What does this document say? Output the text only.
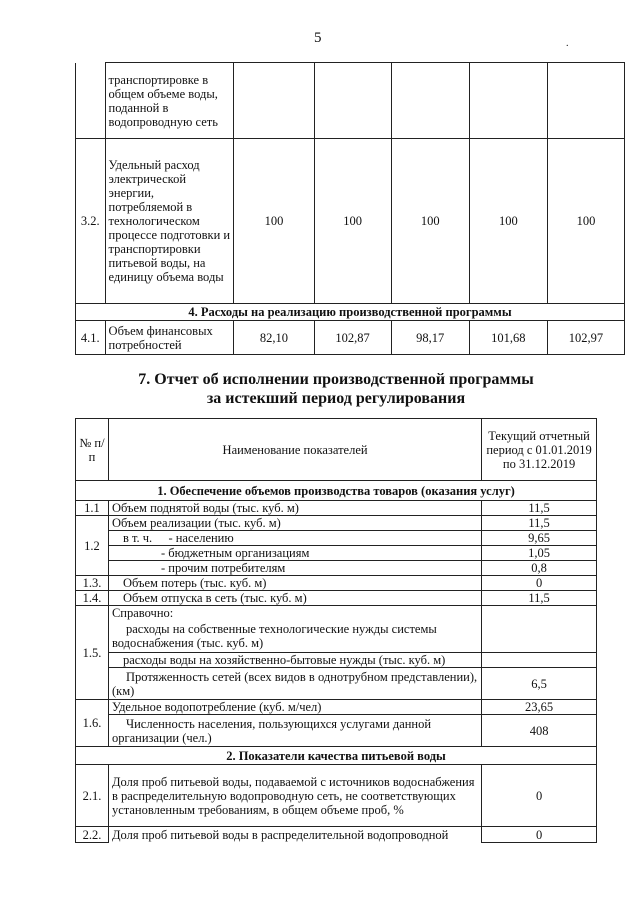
5	.
	транспортировке в общем объеме воды, поданной в водопроводную сеть					
3.2.	Удельный расход электрической энергии, потребляемой в технологическом процессе подготовки и транспортировки питьевой воды, на единицу объема воды	100	100	100	100	100
4. Расходы на реализацию производственной программы						
4.1.	Объем финансовых потребностей	82,10	102,87	98,17	101,68	102,97
7. Отчет об исполнении производственной программы
за истекший период регулирования
№ п/п	Наименование показателей	Текущий отчетный период с 01.01.2019 по 31.12.2019
1. Обеспечение объемов производства товаров (оказания услуг)		
1.1	Объем поднятой воды (тыс. куб. м)	11,5
1.2	Объем реализации (тыс. куб. м)	11,5
	в т. ч. - населению	9,65
	- бюджетным организациям	1,05
	- прочим потребителям	0,8
1.3.	Объем потерь (тыс. куб. м)	0
1.4.	Объем отпуска в сеть (тыс. куб. м)	11,5
1.5.	Справочно:
расходы на собственные технологические нужды системы водоснабжения (тыс. куб. м)	

	расходы воды на хозяйственно-бытовые нужды (тыс. куб. м)	
	Протяженность сетей (всех видов в однотрубном представлении), (км)	6,5
1.6.	Удельное водопотребление (куб. м/чел)	23,65
	Численность населения, пользующихся услугами данной организации (чел.)	408
2. Показатели качества питьевой воды		
2.1.	Доля проб питьевой воды, подаваемой с источников водоснабжения в распределительную водопроводную сеть, не соответствующих установленным требованиям, в общем объеме проб, %	0
2.2.	Доля проб питьевой воды в распределительной водопроводной	0
